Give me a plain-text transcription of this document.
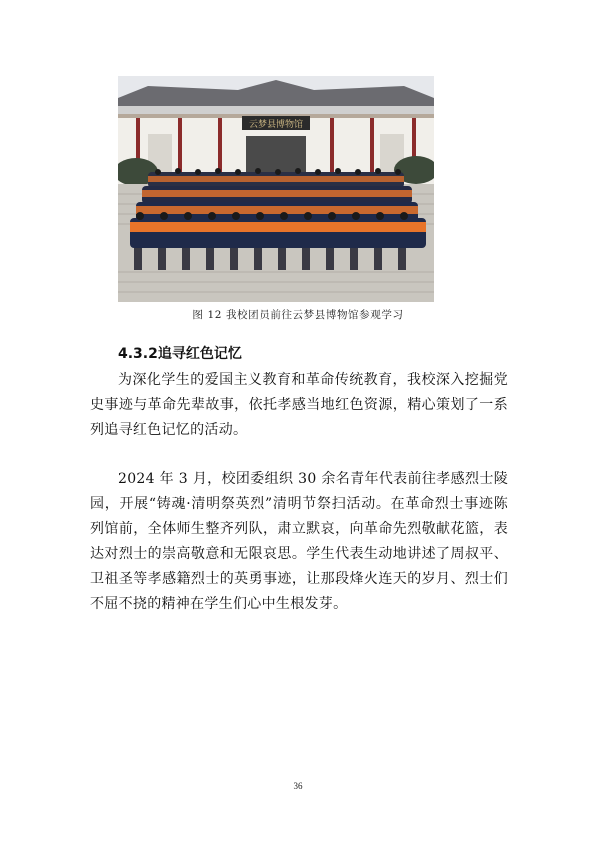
云梦县博物馆
图 12 我校团员前往云梦县博物馆参观学习
4.3.2追寻红色记忆

为深化学生的爱国主义教育和革命传统教育，我校深入挖掘党史事迹与革命先辈故事，依托孝感当地红色资源，精心策划了一系列追寻红色记忆的活动。

2024 年 3 月，校团委组织 30 余名青年代表前往孝感烈士陵园，开展“铸魂·清明祭英烈”清明节祭扫活动。在革命烈士事迹陈列馆前，全体师生整齐列队，肃立默哀，向革命先烈敬献花篮，表达对烈士的崇高敬意和无限哀思。学生代表生动地讲述了周叔平、卫祖圣等孝感籍烈士的英勇事迹，让那段烽火连天的岁月、烈士们不屈不挠的精神在学生们心中生根发芽。

36
